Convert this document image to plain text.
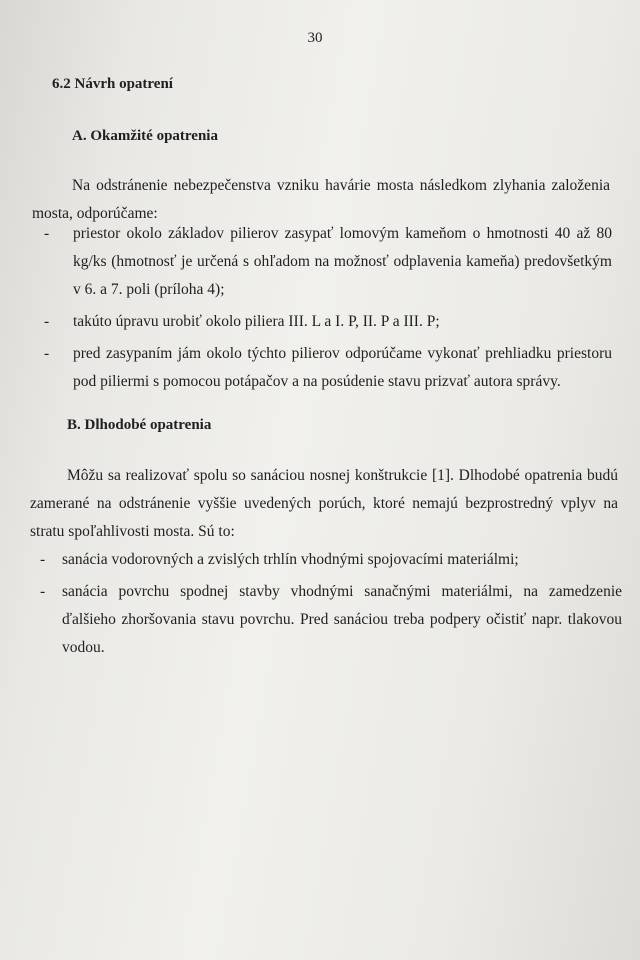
30
6.2 Návrh opatrení
A. Okamžité opatrenia
Na odstránenie nebezpečenstva vzniku havárie mosta následkom zlyhania založenia mosta, odporúčame:
- priestor okolo základov pilierov zasypať lomovým kameňom o hmotnosti 40 až 80 kg/ks (hmotnosť je určená s ohľadom na možnosť odplavenia kameňa) predovšetkým v 6. a 7. poli (príloha 4);
- takúto úpravu urobiť okolo piliera III. L a I. P, II. P a III. P;
- pred zasypaním jám okolo týchto pilierov odporúčame vykonať prehliadku priestoru pod piliermi s pomocou potápačov a na posúdenie stavu prizvať autora správy.
B. Dlhodobé opatrenia
Môžu sa realizovať spolu so sanáciou nosnej konštrukcie [1]. Dlhodobé opatrenia budú zamerané na odstránenie vyššie uvedených porúch, ktoré nemajú bezprostredný vplyv na stratu spoľahlivosti mosta. Sú to:
- sanácia vodorovných a zvislých trhlín vhodnými spojovacími materiálmi;
- sanácia povrchu spodnej stavby vhodnými sanačnými materiálmi, na zamedzenie ďalšieho zhoršovania stavu povrchu. Pred sanáciou treba podpery očistiť napr. tlakovou vodou.
